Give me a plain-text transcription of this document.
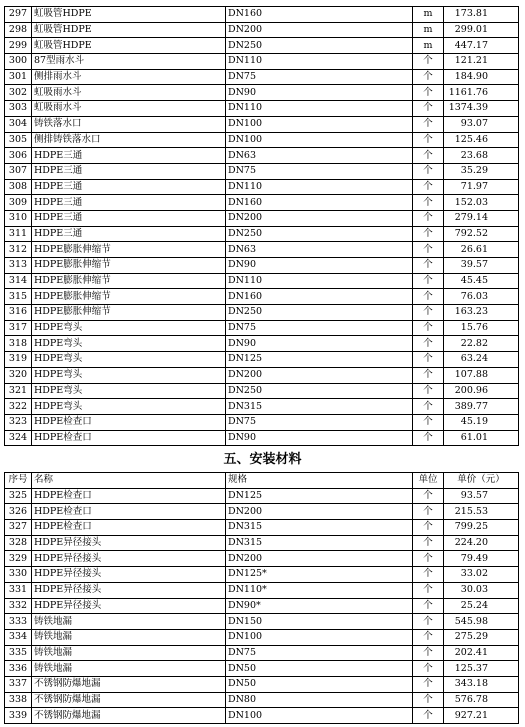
297	虹吸管HDPE	DN160	m	173.81
298	虹吸管HDPE	DN200	m	299.01
299	虹吸管HDPE	DN250	m	447.17
300	87型雨水斗	DN110	个	121.21
301	侧排雨水斗	DN75	个	184.90
302	虹吸雨水斗	DN90	个	1161.76
303	虹吸雨水斗	DN110	个	1374.39
304	铸铁落水口	DN100	个	93.07
305	侧排铸铁落水口	DN100	个	125.46
306	HDPE三通	DN63	个	23.68
307	HDPE三通	DN75	个	35.29
308	HDPE三通	DN110	个	71.97
309	HDPE三通	DN160	个	152.03
310	HDPE三通	DN200	个	279.14
311	HDPE三通	DN250	个	792.52
312	HDPE膨胀伸缩节	DN63	个	26.61
313	HDPE膨胀伸缩节	DN90	个	39.57
314	HDPE膨胀伸缩节	DN110	个	45.45
315	HDPE膨胀伸缩节	DN160	个	76.03
316	HDPE膨胀伸缩节	DN250	个	163.23
317	HDPE弯头	DN75	个	15.76
318	HDPE弯头	DN90	个	22.82
319	HDPE弯头	DN125	个	63.24
320	HDPE弯头	DN200	个	107.88
321	HDPE弯头	DN250	个	200.96
322	HDPE弯头	DN315	个	389.77
323	HDPE检查口	DN75	个	45.19
324	HDPE检查口	DN90	个	61.01
五、安装材料
序号	名称	规格	单位	单价（元）
325	HDPE检查口	DN125	个	93.57
326	HDPE检查口	DN200	个	215.53
327	HDPE检查口	DN315	个	799.25
328	HDPE异径接头	DN315	个	224.20
329	HDPE异径接头	DN200	个	79.49
330	HDPE异径接头	DN125*	个	33.02
331	HDPE异径接头	DN110*	个	30.03
332	HDPE异径接头	DN90*	个	25.24
333	铸铁地漏	DN150	个	545.98
334	铸铁地漏	DN100	个	275.29
335	铸铁地漏	DN75	个	202.41
336	铸铁地漏	DN50	个	125.37
337	不锈钢防爆地漏	DN50	个	343.18
338	不锈钢防爆地漏	DN80	个	576.78
339	不锈钢防爆地漏	DN100	个	927.21
